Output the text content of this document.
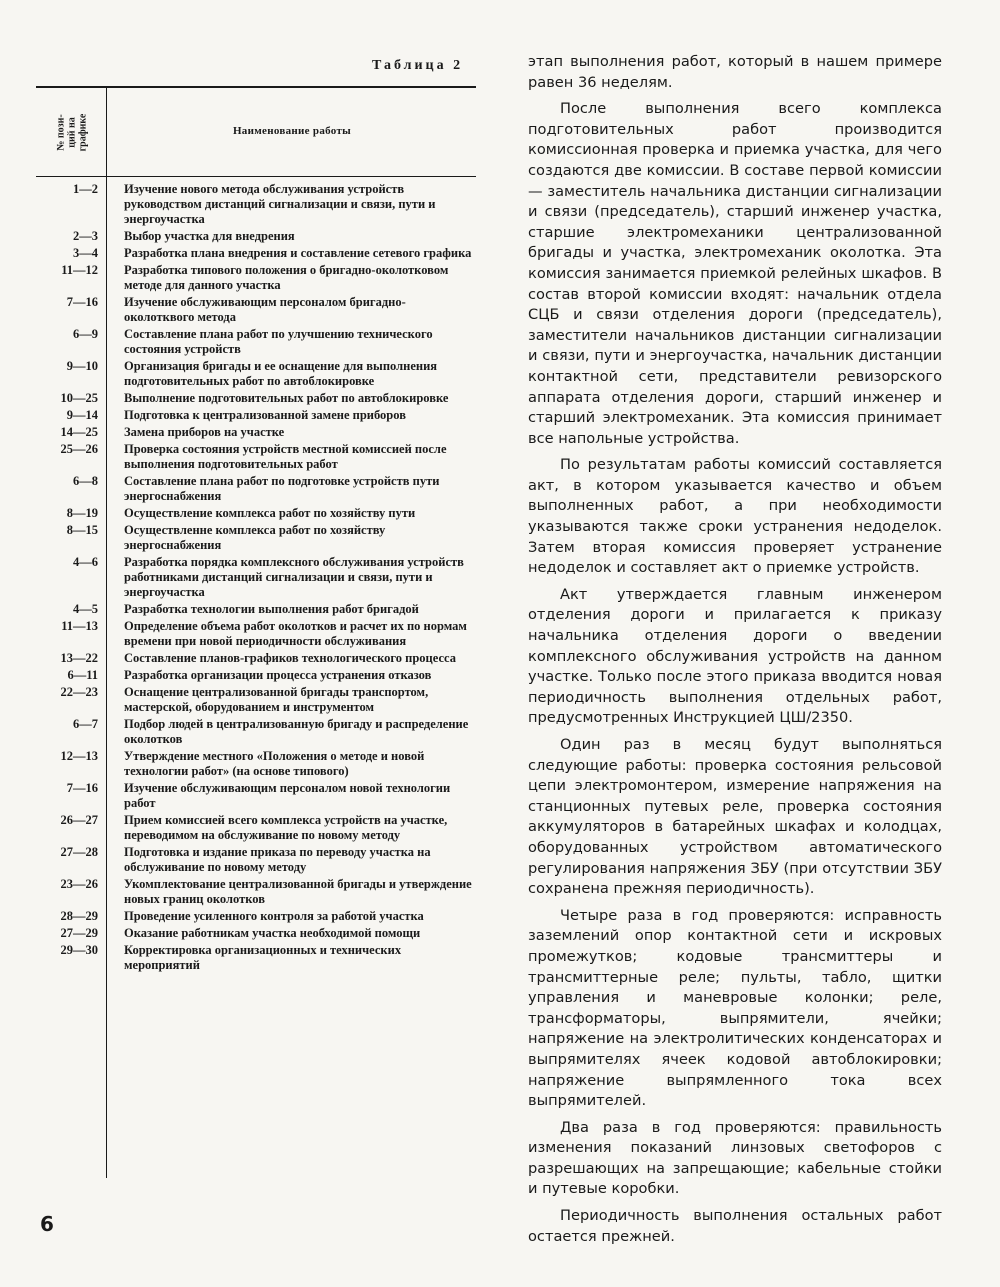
Таблица 2
№ пози-
ций на
графике	Наименование работы
1—2	Изучение нового метода обслуживания устройств руководством дистанций сигнализации и связи, пути и энергоучастка
2—3	Выбор участка для внедрения
3—4	Разработка плана внедрения и составление сетевого графика
11—12	Разработка типового положения о бригадно-околотковом методе для данного участка
7—16	Изучение обслуживающим персоналом бригадно-околотквого метода
6—9	Составление плана работ по улучшению технического состояния устройств
9—10	Организация бригады и ее оснащение для выполнения подготовительных работ по автоблокировке
10—25	Выполнение подготовительных работ по автоблокировке
9—14	Подготовка к централизованной замене приборов
14—25	Замена приборов на участке
25—26	Проверка состояния устройств местной комиссией после выполнения подготовительных работ
6—8	Составление плана работ по подготовке устройств пути энергоснабжения
8—19	Осуществление комплекса работ по хозяйству пути
8—15	Осуществленне комплекса работ по хозяйству энергоснабжения
4—6	Разработка порядка комплексного обслуживания устройств работниками дистанций сигнализации и связи, пути и энергоучастка
4—5	Разработка технологии выполнения работ бригадой
11—13	Определение объема работ околотков и расчет их по нормам времени при новой периодичности обслуживания
13—22	Составление планов-графиков технологического процесса
6—11	Разработка организации процесса устранения отказов
22—23	Оснащение централизованной бригады транспортом, мастерской, оборудованием и инструментом
6—7	Подбор людей в централизованную бригаду и распределение околотков
12—13	Утверждение местного «Положения о методе и новой технологии работ» (на основе типового)
7—16	Изучение обслуживающим персоналом новой технологии работ
26—27	Прием комиссией всего комплекса устройств на участке, переводимом на обслуживание по новому методу
27—28	Подготовка и издание приказа по переводу участка на обслуживание по новому методу
23—26	Укомплектование централизованной бригады и утверждение новых границ околотков
28—29	Проведение усиленного контроля за работой участка
27—29	Оказание работникам участка необходимой помощи
29—30	Корректировка организационных и технических мероприятий

этап выполнения работ, который в нашем примере равен 36 неделям.

После выполнения всего комплекса подготовительных работ производится комиссионная проверка и приемка участка, для чего создаются две комиссии. В составе первой комиссии — заместитель начальника дистанции сигнализации и связи (председатель), старший инженер участка, старшие электромеханики централизованной бригады и участка, электромеханик околотка. Эта комиссия занимается приемкой релейных шкафов. В состав второй комиссии входят: начальник отдела СЦБ и связи отделения дороги (председатель), заместители начальников дистанции сигнализации и связи, пути и энергоучастка, начальник дистанции контактной сети, представители ревизорского аппарата отделения дороги, старший инженер и старший электромеханик. Эта комиссия принимает все напольные устройства.

По результатам работы комиссий составляется акт, в котором указывается качество и объем выполненных работ, а при необходимости указываются также сроки устранения недоделок. Затем вторая комиссия проверяет устранение недоделок и составляет акт о приемке устройств.

Акт утверждается главным инженером отделения дороги и прилагается к приказу начальника отделения дороги о введении комплексного обслуживания устройств на данном участке. Только после этого приказа вводится новая периодичность выполнения отдельных работ, предусмотренных Инструкцией ЦШ/2350.

Один раз в месяц будут выполняться следующие работы: проверка состояния рельсовой цепи электромонтером, измерение напряжения на станционных путевых реле, проверка состояния аккумуляторов в батарейных шкафах и колодцах, оборудованных устройством автоматического регулирования напряжения ЗБУ (при отсутствии ЗБУ сохранена прежняя периодичность).

Четыре раза в год проверяются: исправность заземлений опор контактной сети и искровых промежутков; кодовые трансмиттеры и трансмиттерные реле; пульты, табло, щитки управления и маневровые колонки; реле, трансформаторы, выпрямители, ячейки; напряжение на электролитических конденсаторах и выпрямителях ячеек кодовой автоблокировки; напряжение выпрямленного тока всех выпрямителей.

Два раза в год проверяются: правильность изменения показаний линзовых светофоров с разрешающих на запрещающие; кабельные стойки и путевые коробки.

Периодичность выполнения остальных работ остается прежней.

6
